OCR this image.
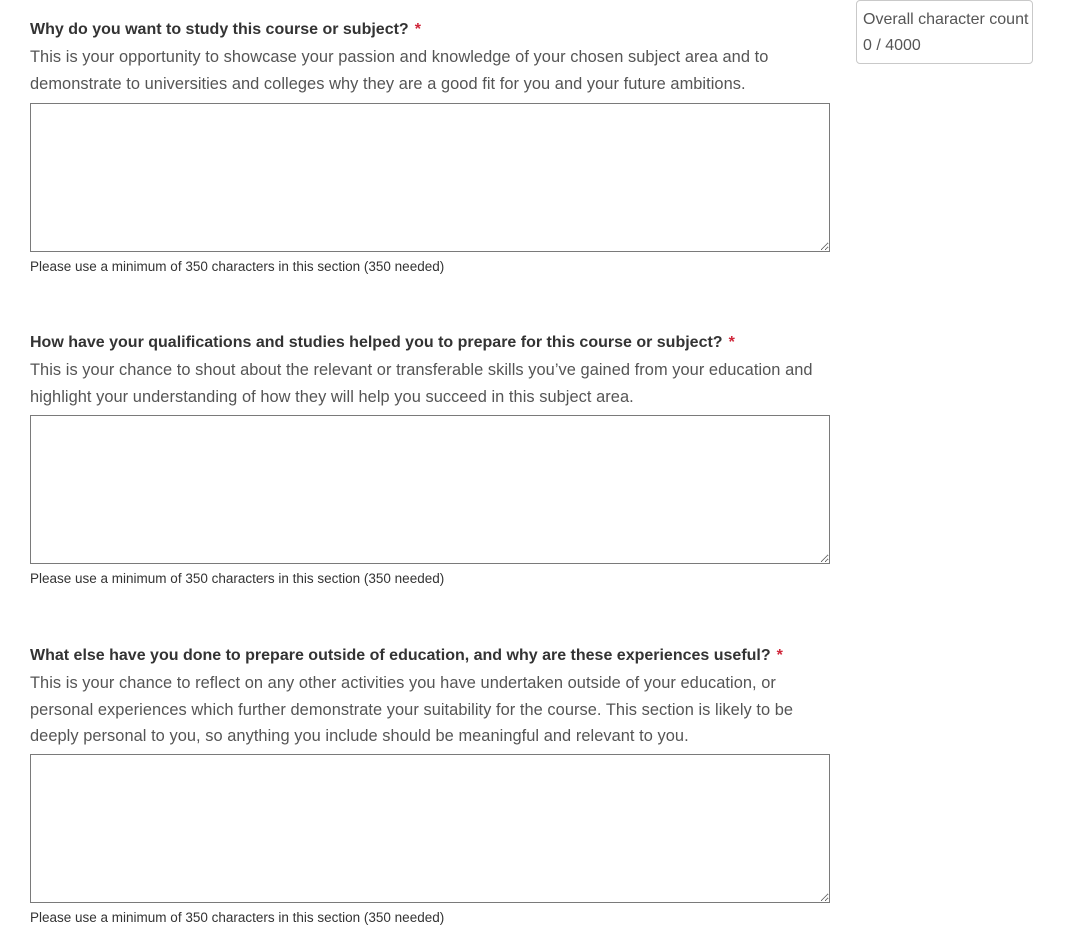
Overall character count
0 / 4000
Why do you want to study this course or subject? *

This is your opportunity to showcase your passion and knowledge of your chosen subject area and to demonstrate to universities and colleges why they are a good fit for you and your future ambitions.

Please use a minimum of 350 characters in this section (350 needed)
How have your qualifications and studies helped you to prepare for this course or subject? *

This is your chance to shout about the relevant or transferable skills you’ve gained from your education and highlight your understanding of how they will help you succeed in this subject area.

Please use a minimum of 350 characters in this section (350 needed)
What else have you done to prepare outside of education, and why are these experiences useful? *

This is your chance to reflect on any other activities you have undertaken outside of your education, or personal experiences which further demonstrate your suitability for the course. This section is likely to be deeply personal to you, so anything you include should be meaningful and relevant to you.

Please use a minimum of 350 characters in this section (350 needed)
